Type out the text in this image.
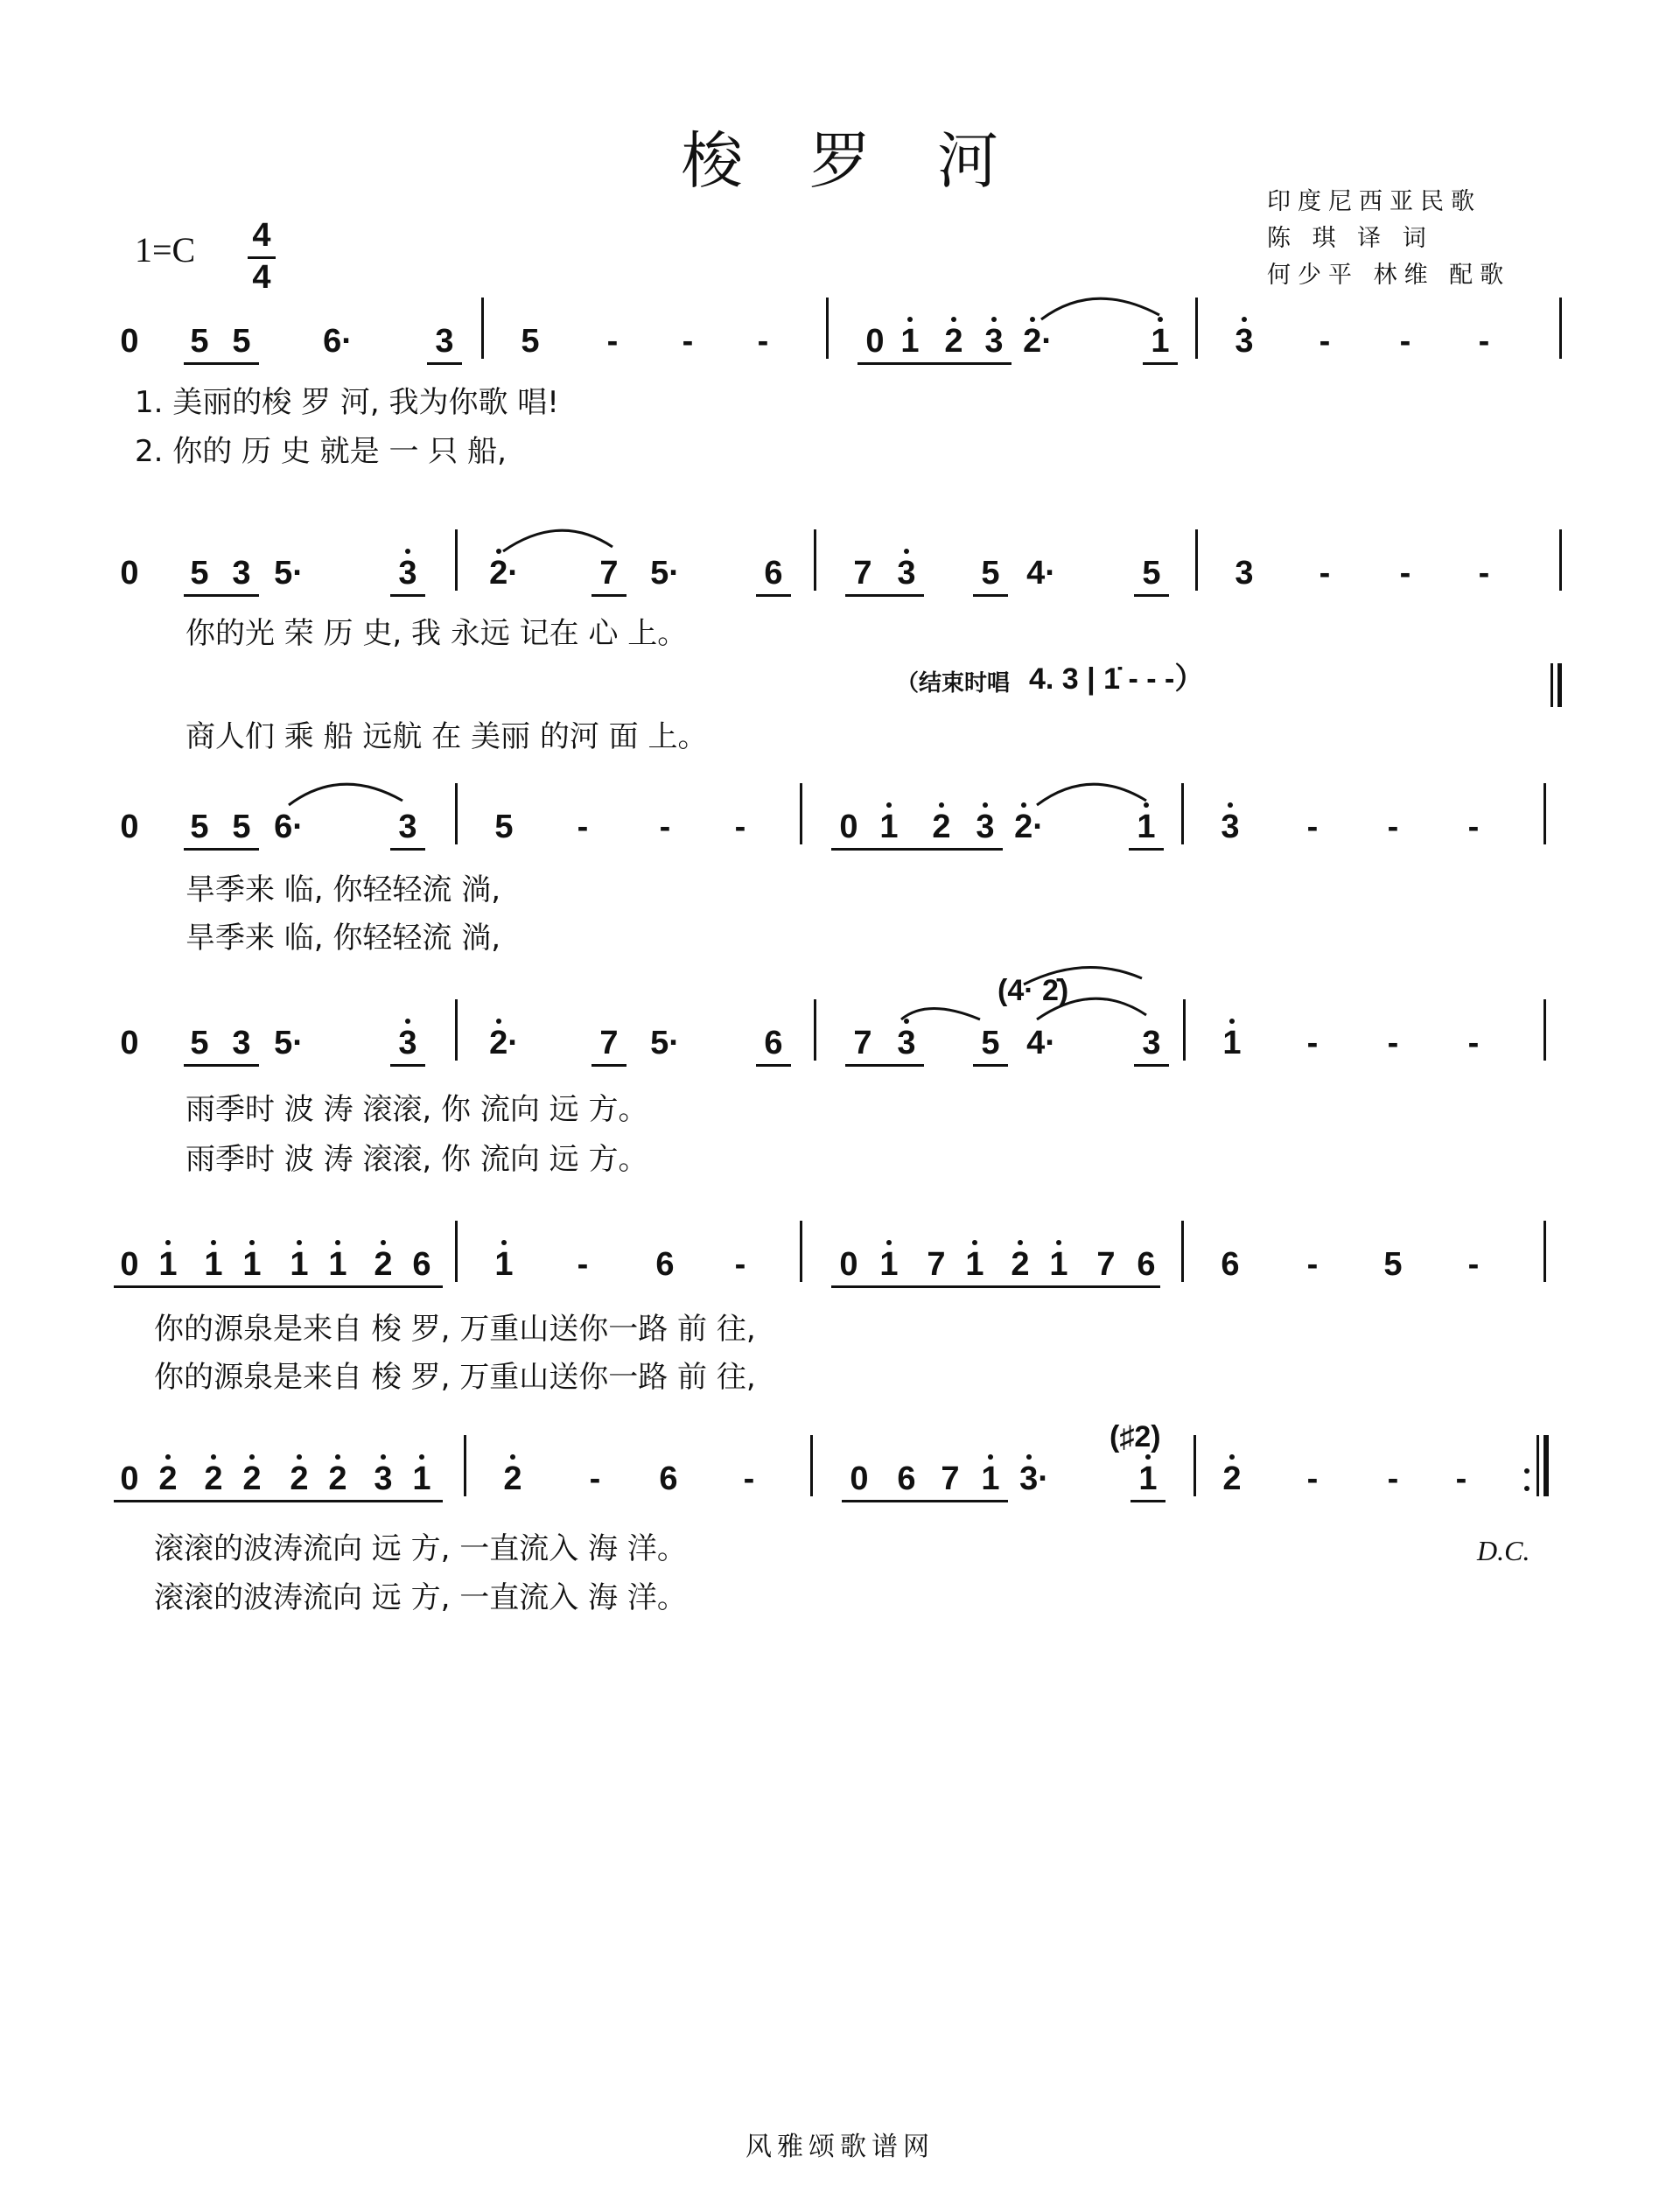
梭罗河
印度尼西亚民歌
陈 琪 译 词
何少平 林维 配歌
1=C 4
4
0 5 5 6· 3 5	-	-	-	0 1 2 3 2·	1 3	-	-	-
1. 美丽的梭 罗 河, 我为你歌 唱!
2. 你的 历 史 就是 一 只 船,
0 5 3 5·	3 2· 7 5·	6 7 3 5 4·	5 3	-	-	-
你的光 荣 历 史, 我 永远 记在 心 上。
（结束时唱 4. 3 | 1̇ - - -）
商人们 乘 船 远航 在 美丽 的河 面 上。
0 5 5 6·	3 5	-	-	-	0 1 2 3 2·	1 3	-	-	-
旱季来 临, 你轻轻流 淌,
旱季来 临, 你轻轻流 淌,
(4· 2̇)
0 5 3 5·	3 2· 7 5·	6 7 3 5 4·	3 1	-	-	-
雨季时 波 涛 滚滚, 你 流向 远 方。
雨季时 波 涛 滚滚, 你 流向 远 方。
0 1 1 1 1 1 2 6 1	-	6	-	0 1 7 1 2 1 7 6 6	-	5	-
你的源泉是来自 梭 罗, 万重山送你一路 前 往,
你的源泉是来自 梭 罗, 万重山送你一路 前 往,
(♯2)
0 2 2 2 2 2 3 1 2	-	6	-	0 6 7 1 3·	1 2	-	-	-
滚滚的波涛流向 远 方, 一直流入 海 洋。	D.C.
滚滚的波涛流向 远 方, 一直流入 海 洋。
风雅颂歌谱网
